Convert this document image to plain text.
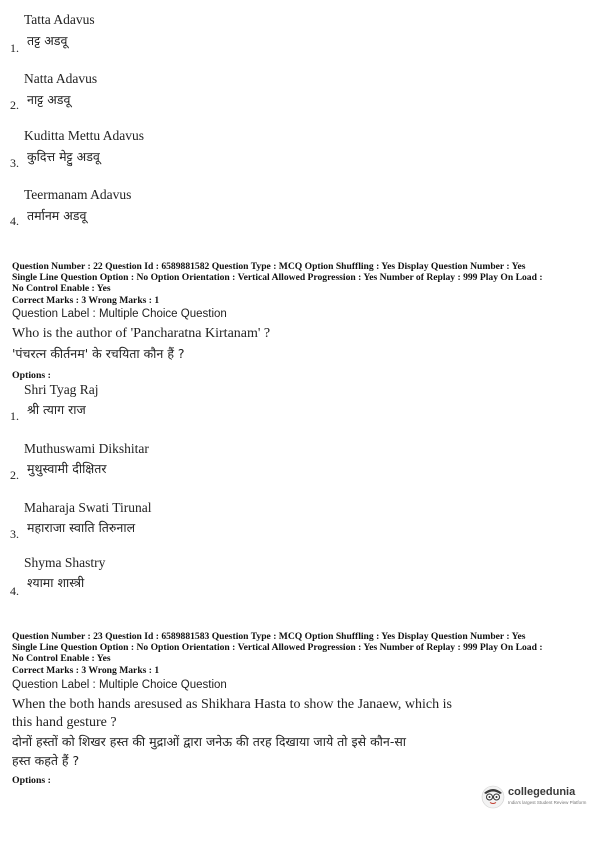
Tatta Adavus
तट्ट अडवू
1.
Natta Adavus
नाट्ट अडवू
2.
Kuditta Mettu Adavus
कुदित्त मेट्टु अडवू
3.
Teermanam Adavus
तर्मानम अडवू
4.
Question Number : 22 Question Id : 6589881582 Question Type : MCQ Option Shuffling : Yes Display Question Number : Yes
Single Line Question Option : No Option Orientation : Vertical Allowed Progression : Yes Number of Replay : 999 Play On Load :
No Control Enable : Yes
Correct Marks : 3 Wrong Marks : 1
Question Label : Multiple Choice Question
Who is the author of 'Pancharatna Kirtanam' ?
'पंचरत्न कीर्तनम' के रचयिता कौन हैं ?
Options :
Shri Tyag Raj
श्री त्याग राज
1.
Muthuswami Dikshitar
मुथुस्वामी दीक्षितर
2.
Maharaja Swati Tirunal
महाराजा स्वाति तिरुनाल
3.
Shyma Shastry
श्यामा शास्त्री
4.
Question Number : 23 Question Id : 6589881583 Question Type : MCQ Option Shuffling : Yes Display Question Number : Yes
Single Line Question Option : No Option Orientation : Vertical Allowed Progression : Yes Number of Replay : 999 Play On Load :
No Control Enable : Yes
Correct Marks : 3 Wrong Marks : 1
Question Label : Multiple Choice Question
When the both hands aresused as Shikhara Hasta to show the Janaew, which is
this hand gesture ?
दोनों हस्तों को शिखर हस्त की मुद्राओं द्वारा जनेऊ की तरह दिखाया जाये तो इसे कौन-सा
हस्त कहते हैं ?
Options :
collegedunia
India's largest Student Review Platform
